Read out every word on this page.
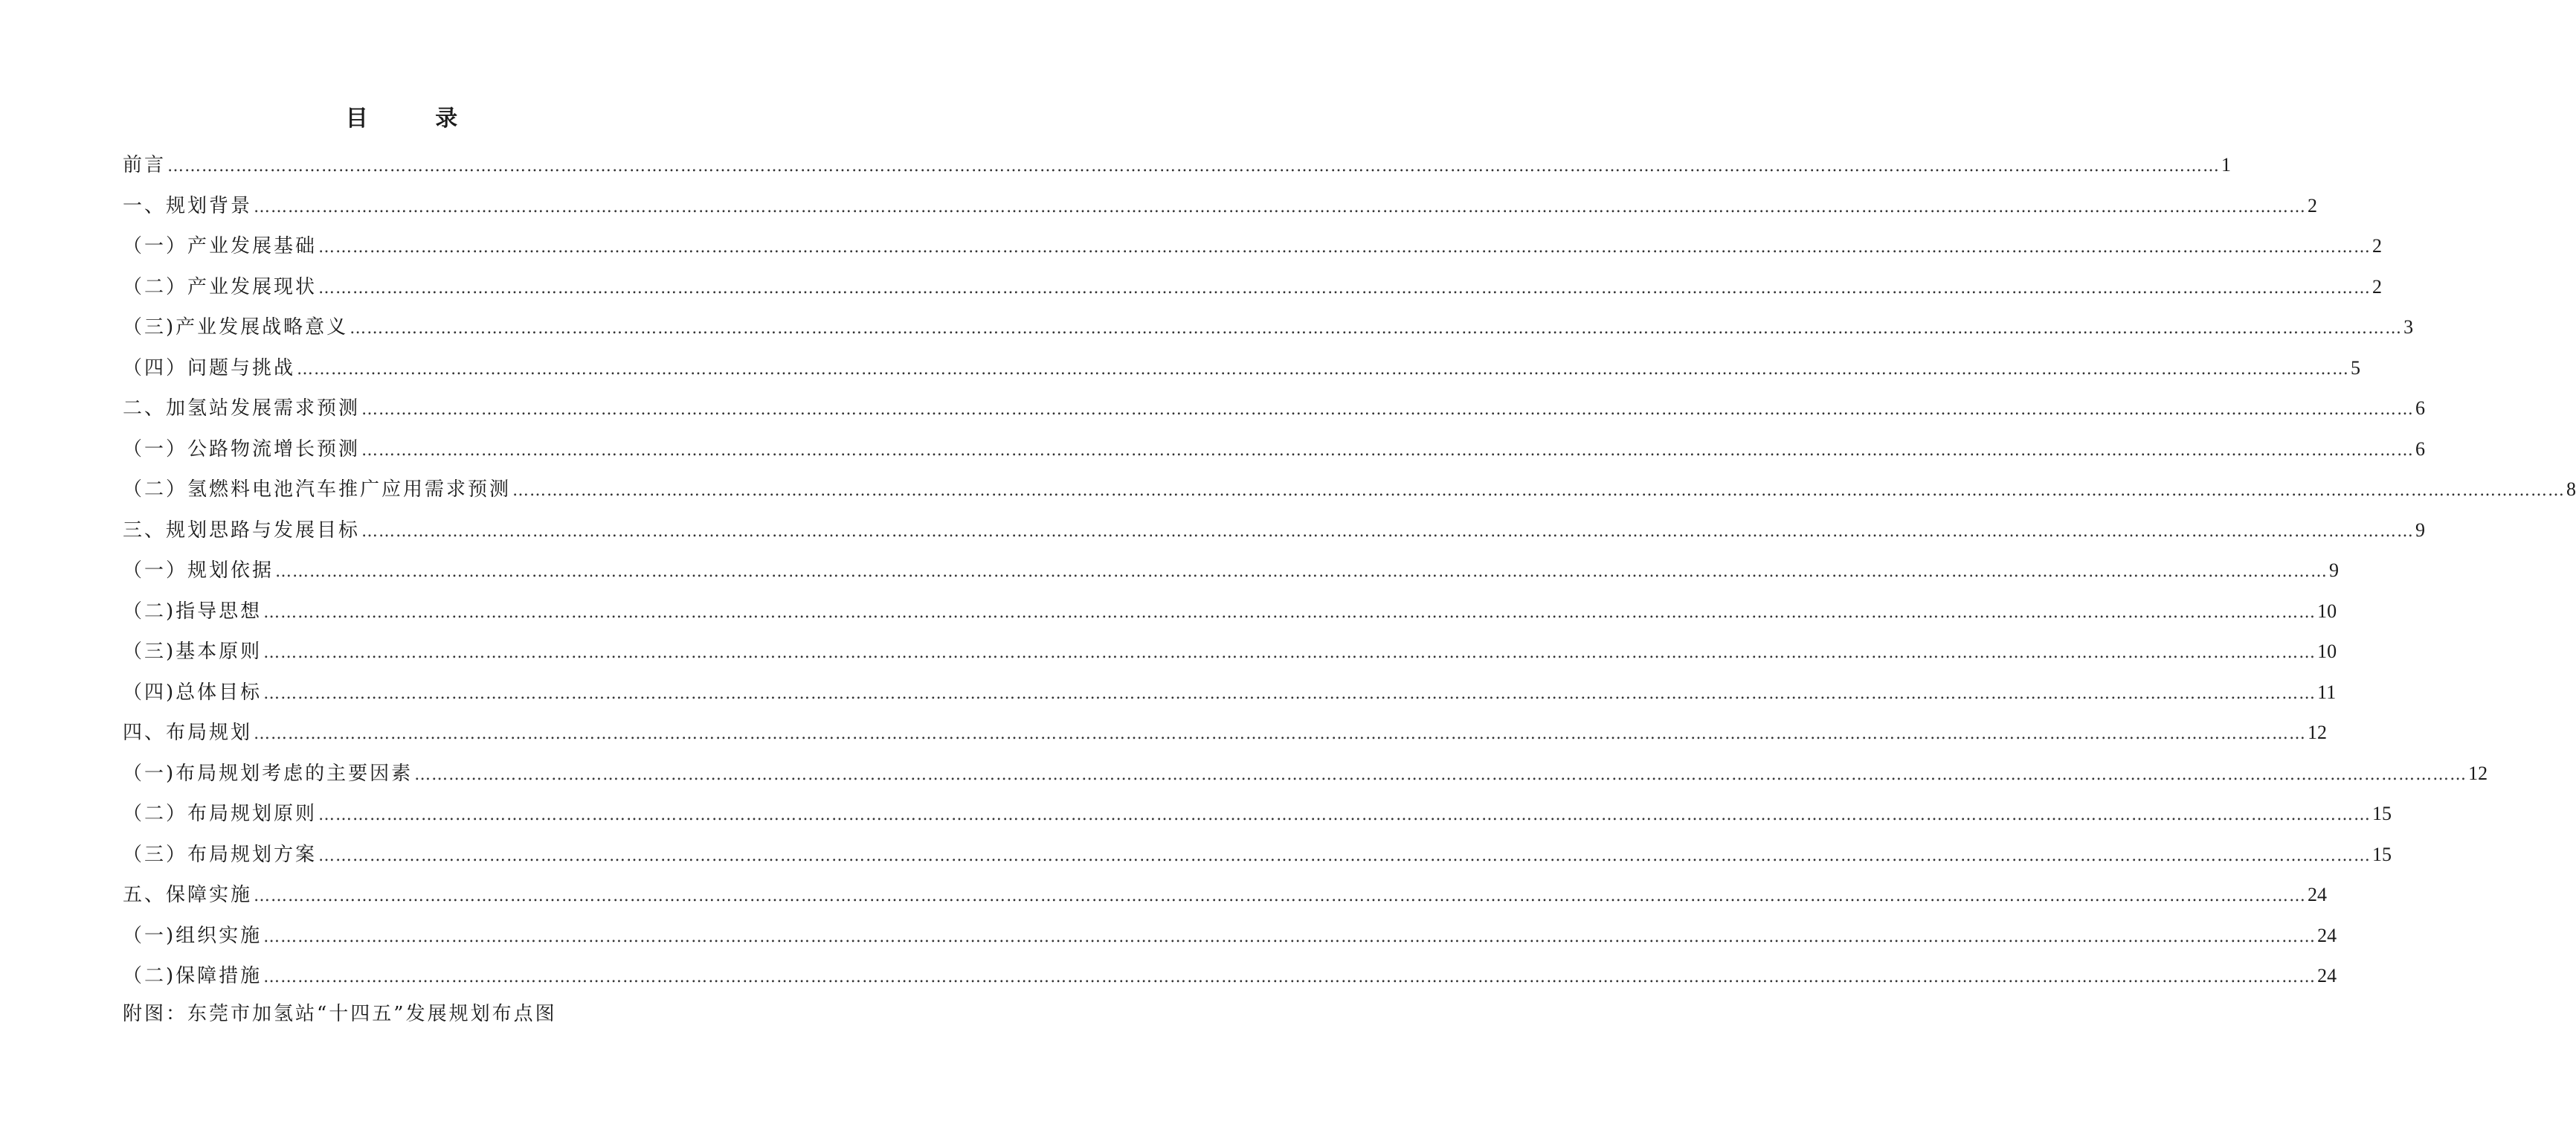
目 录
前言 ……………………………………………………………………………………………………………………………………………………………………………………………………………………………………………………………………………………………………………………………… 1
一、规划背景 ……………………………………………………………………………………………………………………………………………………………………………………………………………………………………………………………………………………………………………………………… 2
（一）产业发展基础 ……………………………………………………………………………………………………………………………………………………………………………………………………………………………………………………………………………………………………………………………… 2
（二）产业发展现状 ……………………………………………………………………………………………………………………………………………………………………………………………………………………………………………………………………………………………………………………………… 2
（三)产业发展战略意义 ……………………………………………………………………………………………………………………………………………………………………………………………………………………………………………………………………………………………………………………………… 3
（四）问题与挑战 ……………………………………………………………………………………………………………………………………………………………………………………………………………………………………………………………………………………………………………………………… 5
二、加氢站发展需求预测 ……………………………………………………………………………………………………………………………………………………………………………………………………………………………………………………………………………………………………………………………… 6
（一）公路物流增长预测 ……………………………………………………………………………………………………………………………………………………………………………………………………………………………………………………………………………………………………………………………… 6
（二）氢燃料电池汽车推广应用需求预测 ……………………………………………………………………………………………………………………………………………………………………………………………………………………………………………………………………………………………………………………………… 8
三、规划思路与发展目标 ……………………………………………………………………………………………………………………………………………………………………………………………………………………………………………………………………………………………………………………………… 9
（一）规划依据 ……………………………………………………………………………………………………………………………………………………………………………………………………………………………………………………………………………………………………………………………… 9
（二)指导思想 ……………………………………………………………………………………………………………………………………………………………………………………………………………………………………………………………………………………………………………………………… 10
（三)基本原则 ……………………………………………………………………………………………………………………………………………………………………………………………………………………………………………………………………………………………………………………………… 10
（四)总体目标 ……………………………………………………………………………………………………………………………………………………………………………………………………………………………………………………………………………………………………………………………… 11
四、布局规划 ……………………………………………………………………………………………………………………………………………………………………………………………………………………………………………………………………………………………………………………………… 12
（一)布局规划考虑的主要因素 ……………………………………………………………………………………………………………………………………………………………………………………………………………………………………………………………………………………………………………………………… 12
（二）布局规划原则 ……………………………………………………………………………………………………………………………………………………………………………………………………………………………………………………………………………………………………………………………… 15
（三）布局规划方案 ……………………………………………………………………………………………………………………………………………………………………………………………………………………………………………………………………………………………………………………………… 15
五、保障实施 ……………………………………………………………………………………………………………………………………………………………………………………………………………………………………………………………………………………………………………………………… 24
（一)组织实施 ……………………………………………………………………………………………………………………………………………………………………………………………………………………………………………………………………………………………………………………………… 24
（二)保障措施 ……………………………………………………………………………………………………………………………………………………………………………………………………………………………………………………………………………………………………………………………… 24
附图：东莞市加氢站“十四五”发展规划布点图
